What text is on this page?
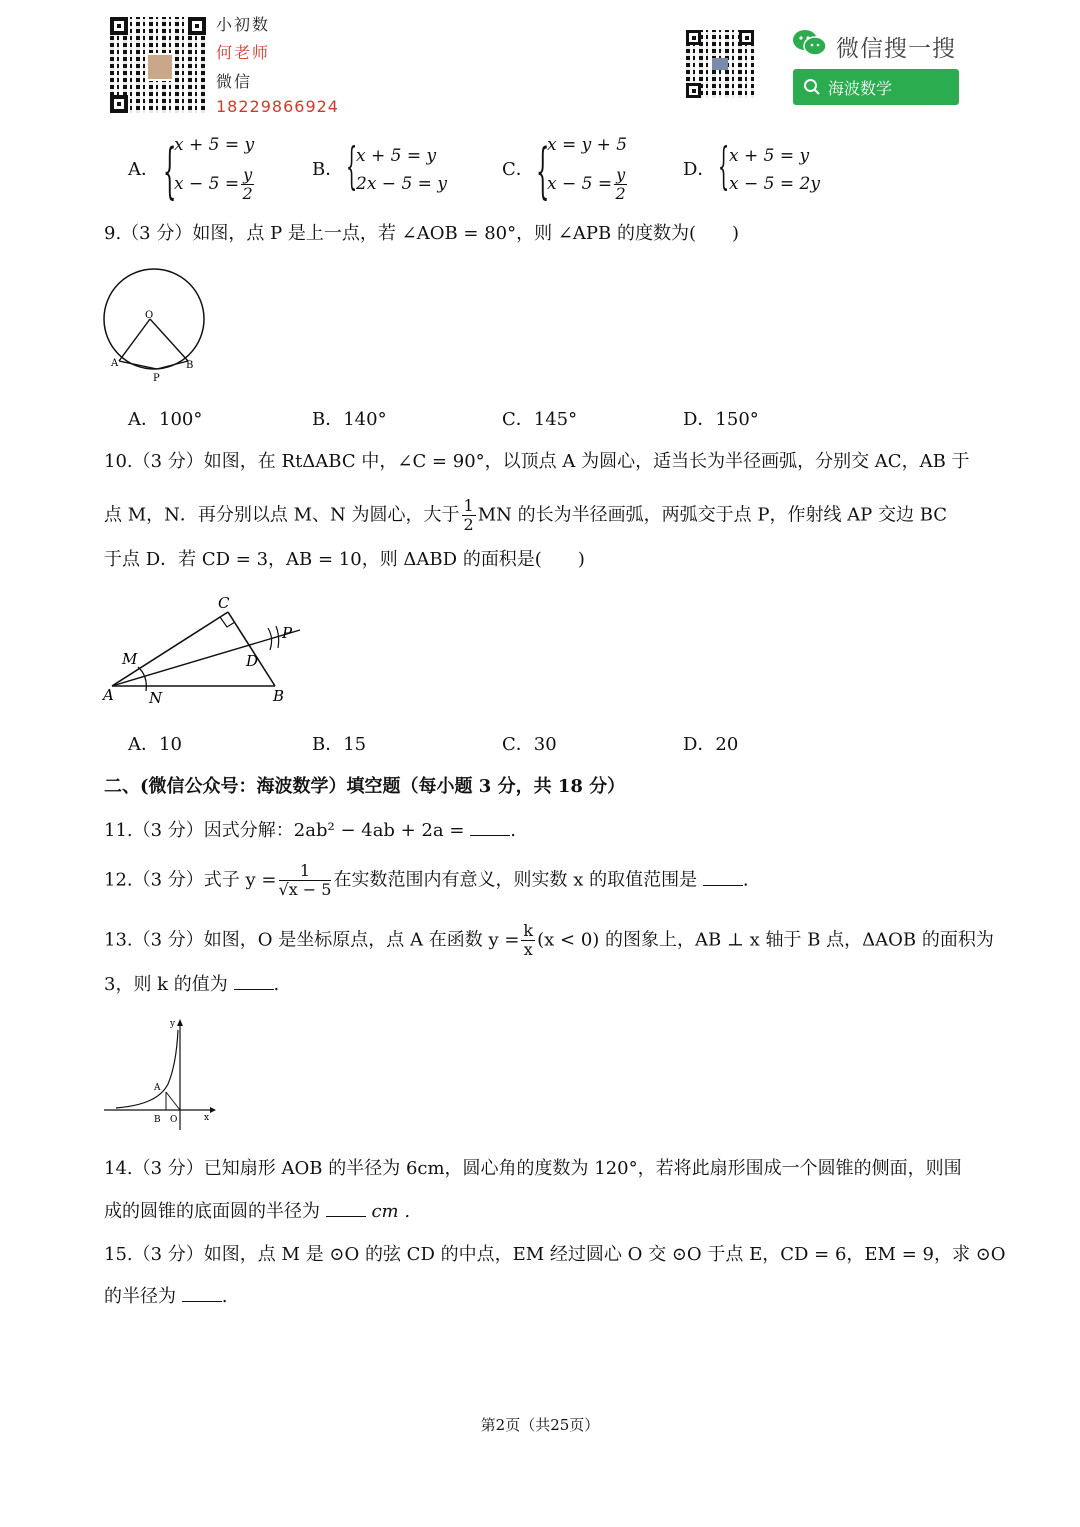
小初数
何老师
微信
18229866924
微信搜一搜
海波数学
A． {
x + 5 = y
$x - 5 = \frac{y}{2}$	B． {
x + 5 = y
2x − 5 = y
C． {
x = y + 5
$x - 5 = \frac{y}{2}$	D． { x + 5 = y
x − 5 = 2y
9.（3 分）如图，点 P 是上一点，若 ∠AOB = 80°，则 ∠APB 的度数为(　　)
O
A	B
P
A．100°	B．140°	C．145°	D．150°
10.（3 分）如图，在 RtΔABC 中，∠C = 90°，以顶点 A 为圆心，适当长为半径画弧，分别交 AC，AB 于
点 M，N．再分别以点 M、N 为圆心，大于 $\frac{1}{2}$ MN 的长为半径画弧，两弧交于点 P，作射线 AP 交边 BC
于点 D．若 CD = 3，AB = 10，则 ΔABD 的面积是(　　)
C
P
M	D
A N	B
A．10	B．15	C．30	D．20
二、(微信公众号：海波数学）填空题（每小题 3 分，共 18 分）
11.（3 分）因式分解：2ab² − 4ab + 2a =	.
12.（3 分）式子 $y = \frac{1}{√x - 5}$ 在实数范围内有意义，则实数 x 的取值范围是	.
13.（3 分）如图，O 是坐标原点，点 A 在函数 $y = \frac{k}{x} (x < 0)$ 的图象上，AB ⊥ x 轴于 B 点，ΔAOB 的面积为
3，则 k 的值为	.
y
A
B O	x
14.（3 分）已知扇形 AOB 的半径为 6cm，圆心角的度数为 120°，若将此扇形围成一个圆锥的侧面，则围
成的圆锥的底面圆的半径为	cm .
15.（3 分）如图，点 M 是 ⊙O 的弦 CD 的中点，EM 经过圆心 O 交 ⊙O 于点 E，CD = 6，EM = 9，求 ⊙O
的半径为	.
第2页（共25页）
